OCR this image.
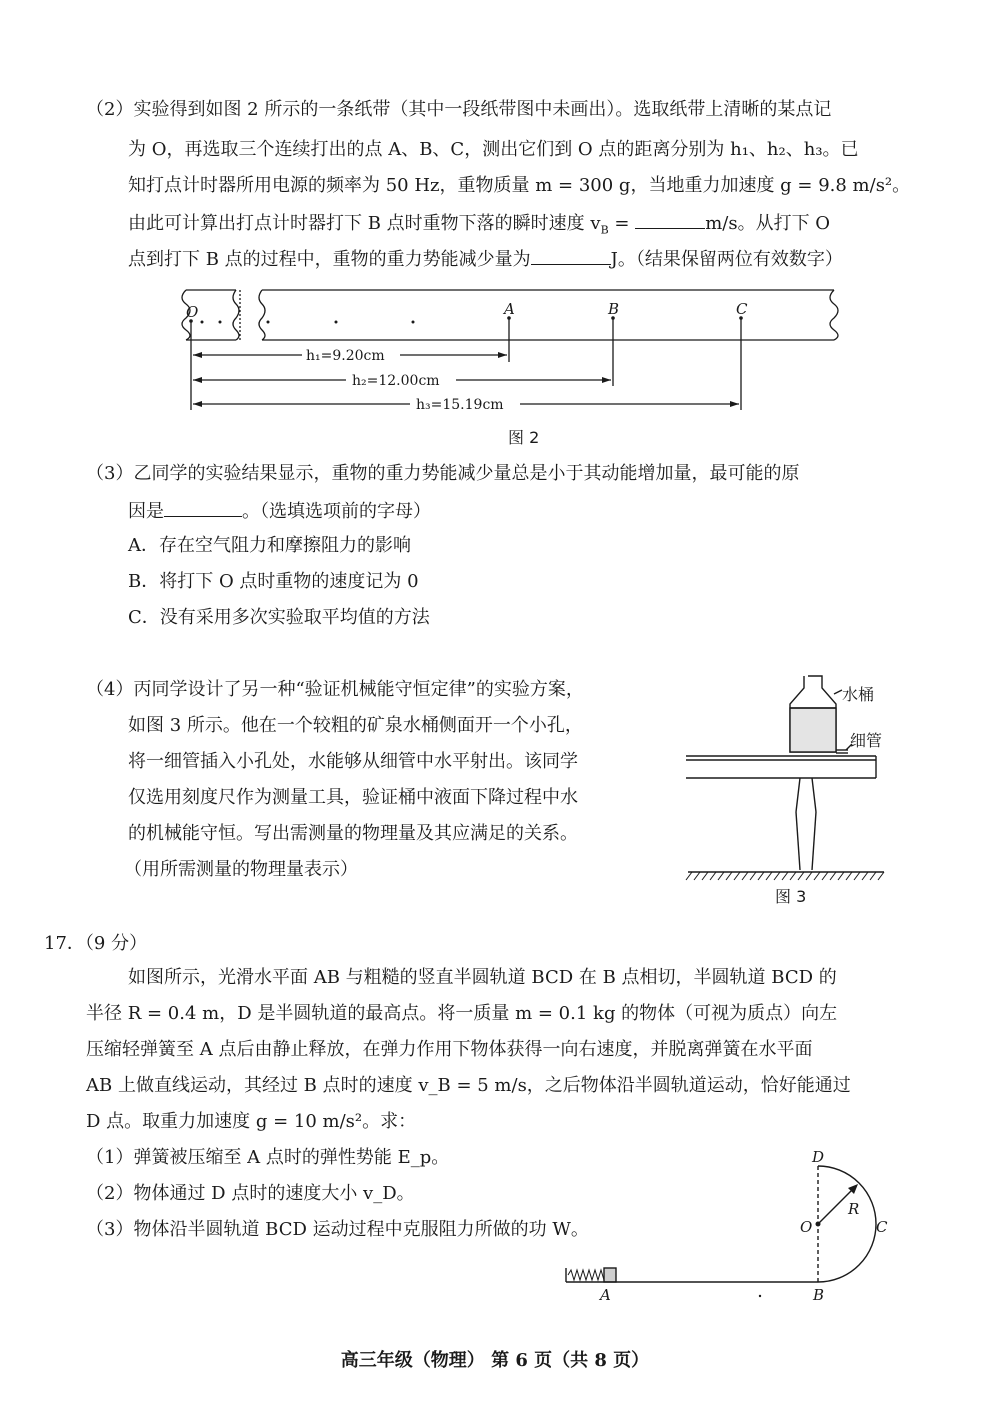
（2）实验得到如图 2 所示的一条纸带（其中一段纸带图中未画出）。选取纸带上清晰的某点记
为 O，再选取三个连续打出的点 A、B、C，测出它们到 O 点的距离分别为 h₁、h₂、h₃。已
知打点计时器所用电源的频率为 50 Hz，重物质量 m = 300 g，当地重力加速度 g = 9.8 m/s²。
由此可计算出打点计时器打下 B 点时重物下落的瞬时速度 $v_B$ =	m/s。从打下 O
点到打下 B 点的过程中，重物的重力势能减少量为	J。（结果保留两位有效数字）
O	A	B	C
h₁=9.20cm
h₂=12.00cm
h₃=15.19cm
图 2
（3）乙同学的实验结果显示，重物的重力势能减少量总是小于其动能增加量，最可能的原
因是	。（选填选项前的字母）
A．存在空气阻力和摩擦阻力的影响
B．将打下 O 点时重物的速度记为 0
C．没有采用多次实验取平均值的方法
（4）丙同学设计了另一种“验证机械能守恒定律”的实验方案，
如图 3 所示。他在一个较粗的矿泉水桶侧面开一个小孔，
将一细管插入小孔处，水能够从细管中水平射出。该同学
仅选用刻度尺作为测量工具，验证桶中液面下降过程中水
的机械能守恒。写出需测量的物理量及其应满足的关系。
（用所需测量的物理量表示）
水桶
细管
图 3
17．（9 分）
如图所示，光滑水平面 AB 与粗糙的竖直半圆轨道 BCD 在 B 点相切，半圆轨道 BCD 的
半径 R = 0.4 m，D 是半圆轨道的最高点。将一质量 m = 0.1 kg 的物体（可视为质点）向左
压缩轻弹簧至 A 点后由静止释放，在弹力作用下物体获得一向右速度，并脱离弹簧在水平面
AB 上做直线运动，其经过 B 点时的速度 v_B = 5 m/s，之后物体沿半圆轨道运动，恰好能通过
D 点。取重力加速度 g = 10 m/s²。求：
（1）弹簧被压缩至 A 点时的弹性势能 E_p。
（2）物体通过 D 点时的速度大小 v_D。
（3）物体沿半圆轨道 BCD 运动过程中克服阻力所做的功 W。
D
O
R
C
A	B
高三年级（物理） 第 6 页（共 8 页）
